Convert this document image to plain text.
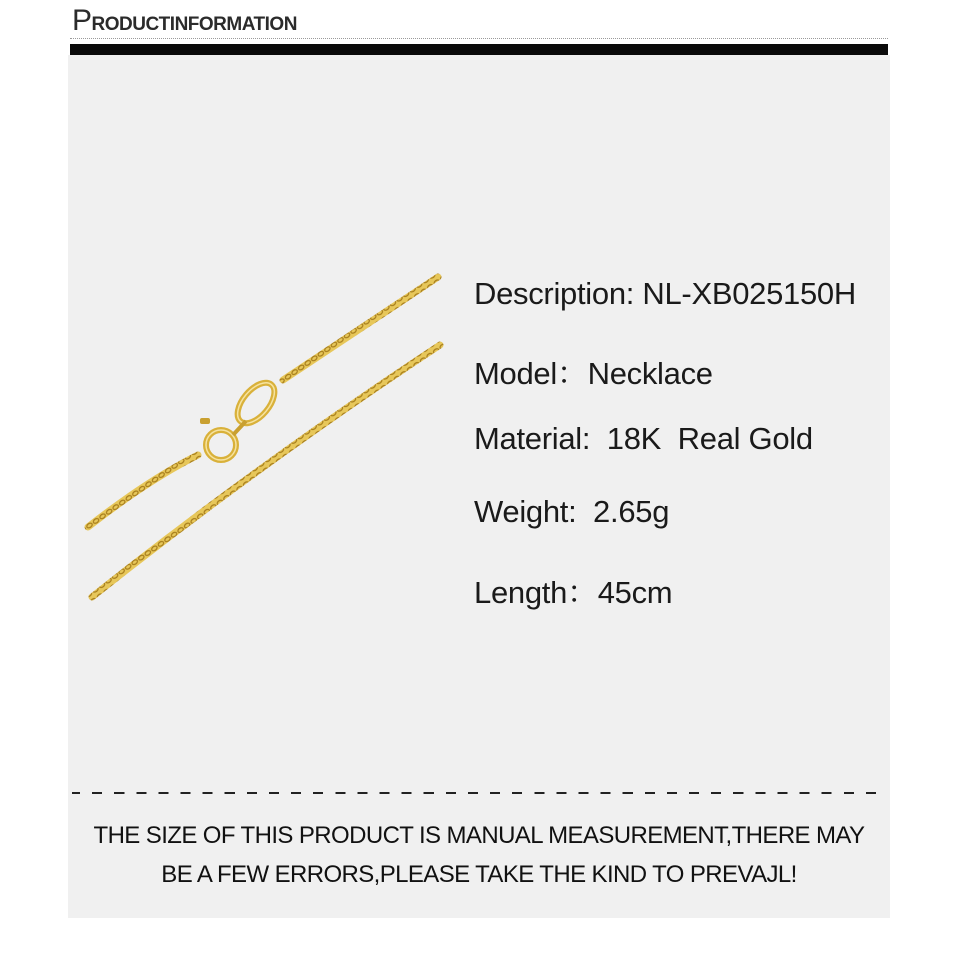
PRODUCTINFORMATION
Description: NL-XB025150H
Model：Necklace
Material:  18K  Real Gold
Weight:  2.65g
Length：45cm
THE SIZE OF THIS PRODUCT IS MANUAL MEASUREMENT,THERE MAY
BE A FEW ERRORS,PLEASE TAKE THE KIND TO PREVAJL!
